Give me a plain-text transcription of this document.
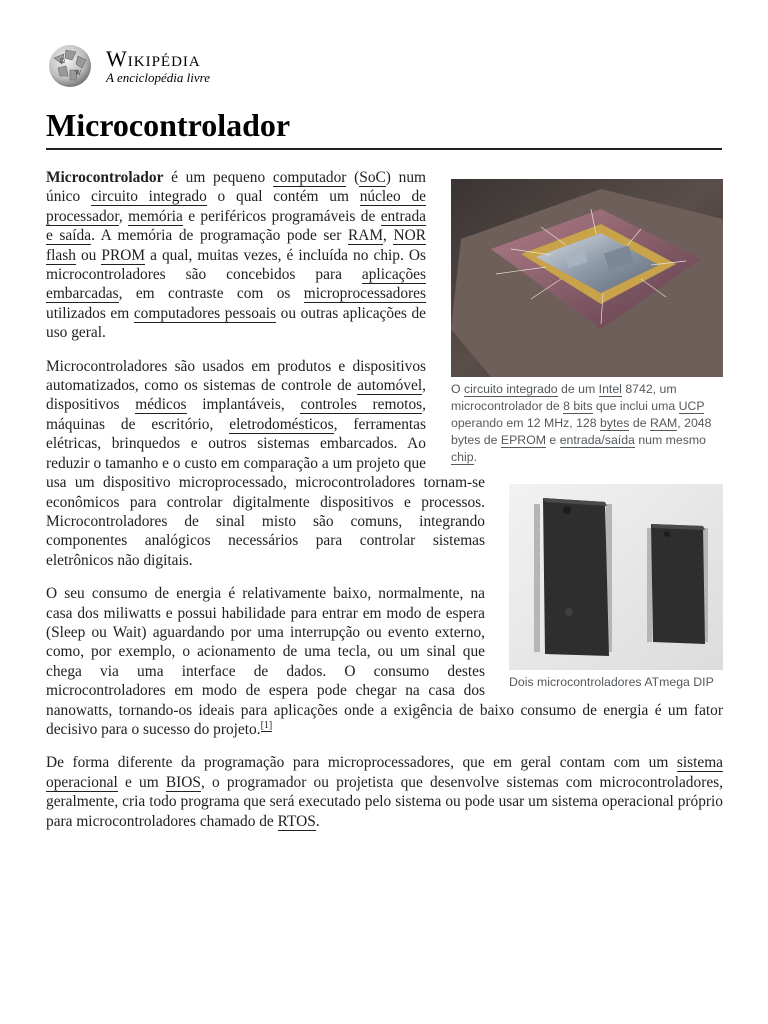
Ω
W
Wikipédia
A enciclopédia livre
Microcontrolador
O circuito integrado de um Intel 8742, um microcontrolador de 8 bits que inclui uma UCP operando em 12 MHz, 128 bytes de RAM, 2048 bytes de EPROM e entrada/saída num mesmo chip.

Microcontrolador é um pequeno computador (SoC) num único circuito integrado o qual contém um núcleo de processador, memória e periféricos programáveis de entrada e saída. A memória de programação pode ser RAM, NOR flash ou PROM a qual, muitas vezes, é incluída no chip. Os microcontroladores são concebidos para aplicações embarcadas, em contraste com os microprocessadores utilizados em computadores pessoais ou outras aplicações de uso geral.

Dois microcontroladores ATmega DIP

Microcontroladores são usados em produtos e dispositivos automatizados, como os sistemas de controle de automóvel, dispositivos médicos implantáveis, controles remotos, máquinas de escritório, eletrodomésticos, ferramentas elétricas, brinquedos e outros sistemas embarcados. Ao reduzir o tamanho e o custo em comparação a um projeto que usa um dispositivo microprocessado, microcontroladores tornam-se econômicos para controlar digitalmente dispositivos e processos. Microcontroladores de sinal misto são comuns, integrando componentes analógicos necessários para controlar sistemas eletrônicos não digitais.

O seu consumo de energia é relativamente baixo, normalmente, na casa dos miliwatts e possui habilidade para entrar em modo de espera (Sleep ou Wait) aguardando por uma interrupção ou evento externo, como, por exemplo, o acionamento de uma tecla, ou um sinal que chega via uma interface de dados. O consumo destes microcontroladores em modo de espera pode chegar na casa dos nanowatts, tornando-os ideais para aplicações onde a exigência de baixo consumo de energia é um fator decisivo para o sucesso do projeto.[1]

De forma diferente da programação para microprocessadores, que em geral contam com um sistema operacional e um BIOS, o programador ou projetista que desenvolve sistemas com microcontroladores, geralmente, cria todo programa que será executado pelo sistema ou pode usar um sistema operacional próprio para microcontroladores chamado de RTOS.
